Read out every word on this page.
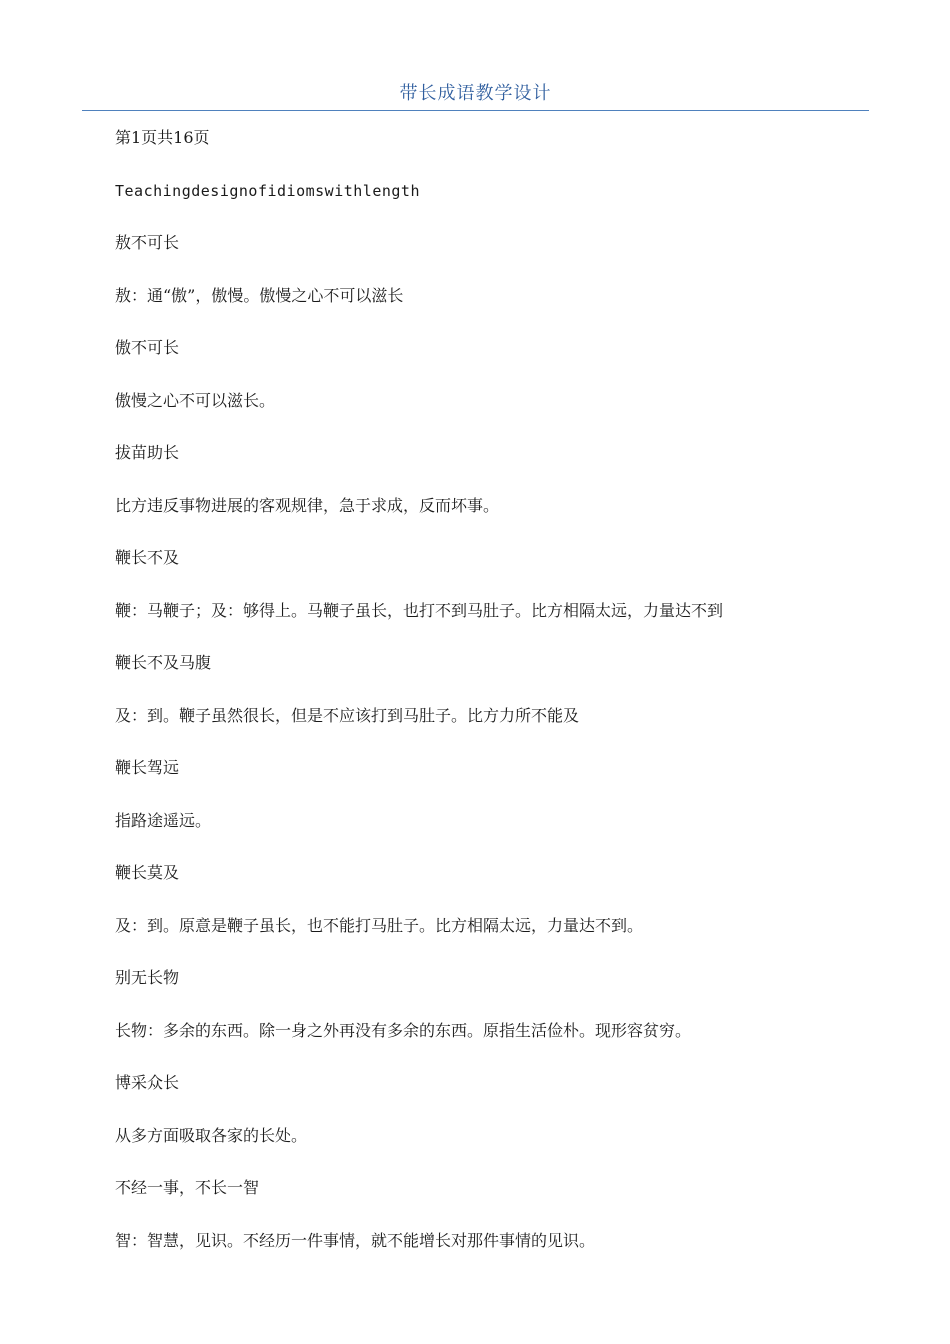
带长成语教学设计

第1页共16页

Teachingdesignofidiomswithlength

敖不可长

敖：通“傲”，傲慢。傲慢之心不可以滋长

傲不可长

傲慢之心不可以滋长。

拔苗助长

比方违反事物进展的客观规律，急于求成，反而坏事。

鞭长不及

鞭：马鞭子；及：够得上。马鞭子虽长，也打不到马肚子。比方相隔太远，力量达不到

鞭长不及马腹

及：到。鞭子虽然很长，但是不应该打到马肚子。比方力所不能及

鞭长驾远

指路途遥远。

鞭长莫及

及：到。原意是鞭子虽长，也不能打马肚子。比方相隔太远，力量达不到。

别无长物

长物：多余的东西。除一身之外再没有多余的东西。原指生活俭朴。现形容贫穷。

博采众长

从多方面吸取各家的长处。

不经一事，不长一智

智：智慧，见识。不经历一件事情，就不能增长对那件事情的见识。
